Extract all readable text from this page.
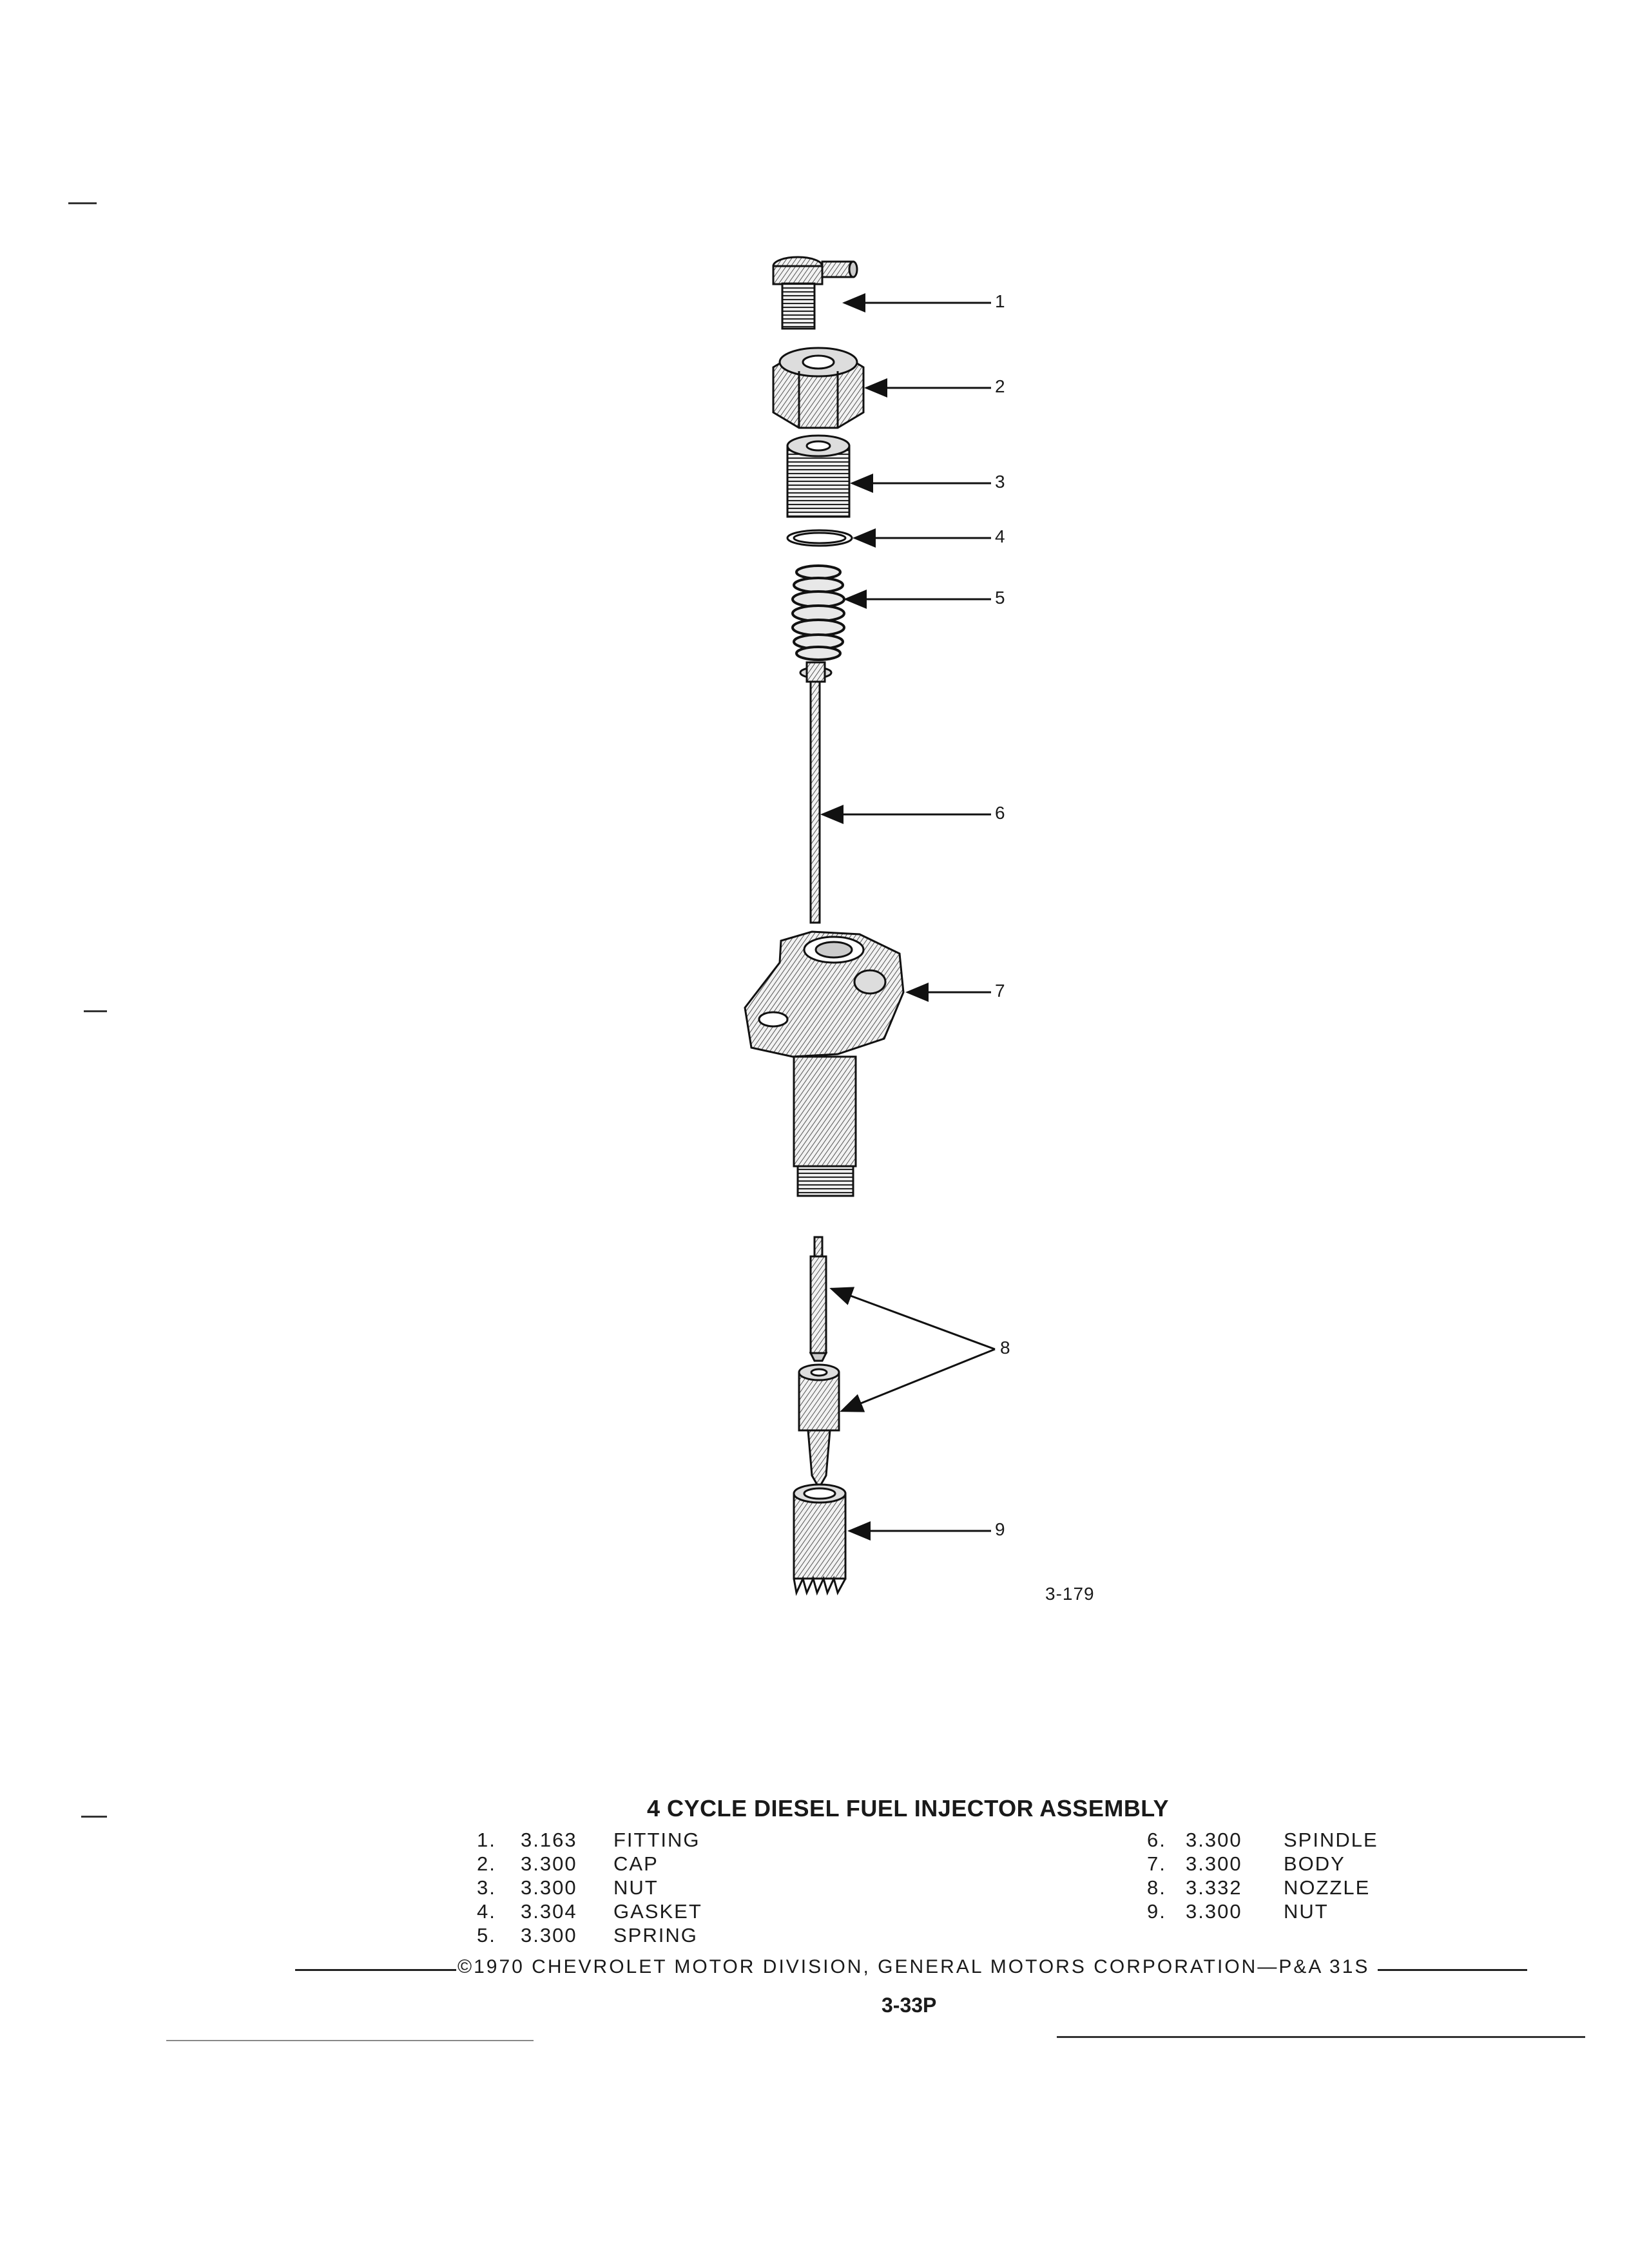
1
2
3
4
5
6
7
8
9
3-179
4 CYCLE DIESEL FUEL INJECTOR ASSEMBLY
1. 3.163 FITTING
2. 3.300 CAP
3. 3.300 NUT
4. 3.304 GASKET
5. 3.300 SPRING
6. 3.300 SPINDLE
7. 3.300 BODY
8. 3.332 NOZZLE
9. 3.300 NUT
©1970 CHEVROLET MOTOR DIVISION, GENERAL MOTORS CORPORATION—P&A 31S
3-33P
